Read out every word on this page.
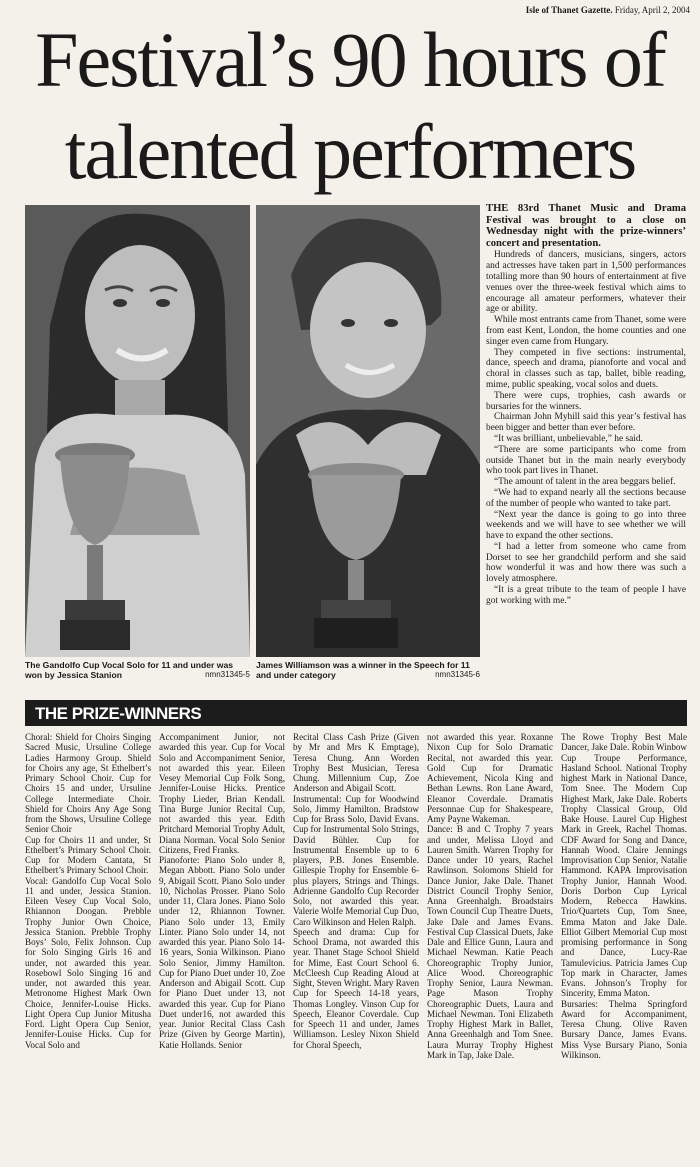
Isle of Thanet Gazette. Friday, April 2, 2004
Festival’s 90 hours of
talented performers
The Gandolfo Cup Vocal Solo for 11 and under was won by Jessica Stanion	nmn31345-5
James Williamson was a winner in the Speech for 11 and under category	nmn31345-6

THE 83rd Thanet Music and Drama Festival was brought to a close on Wednesday night with the prize-winners’ concert and presentation.

Hundreds of dancers, musicians, singers, actors and actresses have taken part in 1,500 performances totalling more than 90 hours of entertainment at five venues over the three-week festival which aims to encourage all amateur performers, whatever their age or ability.

While most entrants came from Thanet, some were from east Kent, London, the home counties and one singer even came from Hungary.

They competed in five sections: instrumental, dance, speech and drama, pianoforte and vocal and choral in classes such as tap, ballet, bible reading, mime, public speaking, vocal solos and duets.

There were cups, trophies, cash awards or bursaries for the winners.

Chairman John Myhill said this year’s festival has been bigger and better than ever before.

“It was brilliant, unbelievable,” he said.

“There are some participants who come from outside Thanet but in the main nearly everybody who took part lives in Thanet.

“The amount of talent in the area beggars belief.

“We had to expand nearly all the sections because of the number of people who wanted to take part.

“Next year the dance is going to go into three weekends and we will have to see whether we will have to expand the other sections.

“I had a letter from someone who came from Dorset to see her grandchild perform and she said how wonderful it was and how there was such a lovely atmosphere.

“It is a great tribute to the team of people I have got working with me.”

THE PRIZE-WINNERS

Choral: Shield for Choirs Singing Sacred Music, Ursuline College Ladies Harmony Group. Shield for Choirs any age, St Ethelbert’s Primary School Choir. Cup for Choirs 15 and under, Ursuline College Intermediate Choir. Shield for Choirs Any Age Song from the Shows, Ursuline College Senior Choir

Cup for Choirs 11 and under, St Ethelbert’s Primary School Choir. Cup for Modern Cantata, St Ethelbert’s Primary School Choir.

Vocal: Gandolfo Cup Vocal Solo 11 and under, Jessica Stanion. Eileen Vesey Cup Vocal Solo, Rhiannon Doogan. Prebble Trophy Junior Own Choice, Jessica Stanion. Prebble Trophy Boys’ Solo, Felix Johnson. Cup for Solo Singing Girls 16 and under, not awarded this year. Rosebowl Solo Singing 16 and under, not awarded this year. Metronome Highest Mark Own Choice, Jennifer-Louise Hicks. Light Opera Cup Junior Mitusha Ford. Light Opera Cup Senior, Jennifer-Louise Hicks. Cup for Vocal Solo and

Accompaniment Junior, not awarded this year. Cup for Vocal Solo and Accompaniment Senior, not awarded this year. Eileen Vesey Memorial Cup Folk Song, Jennifer-Louise Hicks. Prentice Trophy Lieder, Brian Kendall. Tina Burge Junior Recital Cup, not awarded this year. Edith Pritchard Memorial Trophy Adult, Diana Norman. Vocal Solo Senior Citizens, Fred Franks.

Pianoforte: Piano Solo under 8, Megan Abbott. Piano Solo under 9, Abigail Scott. Piano Solo under 10, Nicholas Prosser. Piano Solo under 11, Clara Jones. Piano Solo under 12, Rhiannon Towner. Piano Solo under 13, Emily Linter. Piano Solo under 14, not awarded this year. Piano Solo 14-16 years, Sonia Wilkinson. Piano Solo Senior, Jimmy Hamilton. Cup for Piano Duet under 10, Zoe Anderson and Abigail Scott. Cup for Piano Duet under 13, not awarded this year. Cup for Piano Duet under16, not awarded this year. Junior Recital Class Cash Prize (Given by George Martin), Katie Hollands. Senior

Recital Class Cash Prize (Given by Mr and Mrs K Emptage), Teresa Chung. Ann Worden Trophy Best Musician, Teresa Chung. Millennium Cup, Zoe Anderson and Abigail Scott.

Instrumental: Cup for Woodwind Solo, Jimmy Hamilton. Bradstow Cup for Brass Solo, David Evans. Cup for Instrumental Solo Strings, David Bühler. Cup for Instrumental Ensemble up to 6 players, P.B. Jones Ensemble. Gillespie Trophy for Ensemble 6-plus players, Strings and Things. Adrienne Gandolfo Cup Recorder Solo, not awarded this year. Valerie Wolfe Memorial Cup Duo, Caro Wilkinson and Helen Ralph.

Speech and drama: Cup for School Drama, not awarded this year. Thanet Stage School Shield for Mime, East Court School 6. McCleesh Cup Reading Aloud at Sight, Steven Wright. Mary Raven Cup for Speech 14-18 years, Thomas Longley. Vinson Cup for Speech, Eleanor Coverdale. Cup for Speech 11 and under, James Williamson. Lesley Nixon Shield for Choral Speech,

not awarded this year. Roxanne Nixon Cup for Solo Dramatic Recital, not awarded this year. Gold Cup for Dramatic Achievement, Nicola King and Bethan Lewns. Ron Lane Award, Eleanor Coverdale. Dramatis Personnae Cup for Shakespeare, Amy Payne Wakeman.

Dance: B and C Trophy 7 years and under, Melissa Lloyd and Lauren Smith. Warren Trophy for Dance under 10 years, Rachel Rawlinson. Solomons Shield for Dance Junior, Jake Dale. Thanet District Council Trophy Senior, Anna Greenhalgh. Broadstairs Town Council Cup Theatre Duets, Jake Dale and James Evans. Festival Cup Classical Duets, Jake Dale and Ellice Gunn, Laura and Michael Newman. Katie Peach Choreographic Trophy Junior, Alice Wood. Choreographic Trophy Senior, Laura Newman. Page Mason Trophy Choreographic Duets, Laura and Michael Newman. Toni Elizabeth Trophy Highest Mark in Ballet, Anna Greenhalgh and Tom Snee. Laura Murray Trophy Highest Mark in Tap, Jake Dale.

The Rowe Trophy Best Male Dancer, Jake Dale. Robin Winbow Cup Troupe Performance, Hasland School. National Trophy highest Mark in National Dance, Tom Snee. The Modern Cup Highest Mark, Jake Dale. Roberts Trophy Classical Group, Old Bake House. Laurel Cup Highest Mark in Greek, Rachel Thomas. CDF Award for Song and Dance, Hannah Wood. Claire Jennings Improvisation Cup Senior, Natalie Hammond. KAPA Improvisation Trophy Junior, Hannah Wood. Doris Dorbon Cup Lyrical Modern, Rebecca Hawkins. Trio/Quartets Cup, Tom Snee, Emma Maton and Jake Dale. Elliot Gilbert Memorial Cup most promising performance in Song and Dance, Lucy-Rae Tamulevicius. Patricia James Cup Top mark in Character, James Evans. Johnson’s Trophy for Sincerity, Emma Maton.

Bursaries: Thelma Springford Award for Accompaniment, Teresa Chung. Olive Raven Bursary Dance, James Evans. Miss Vyse Bursary Piano, Sonia Wilkinson.
